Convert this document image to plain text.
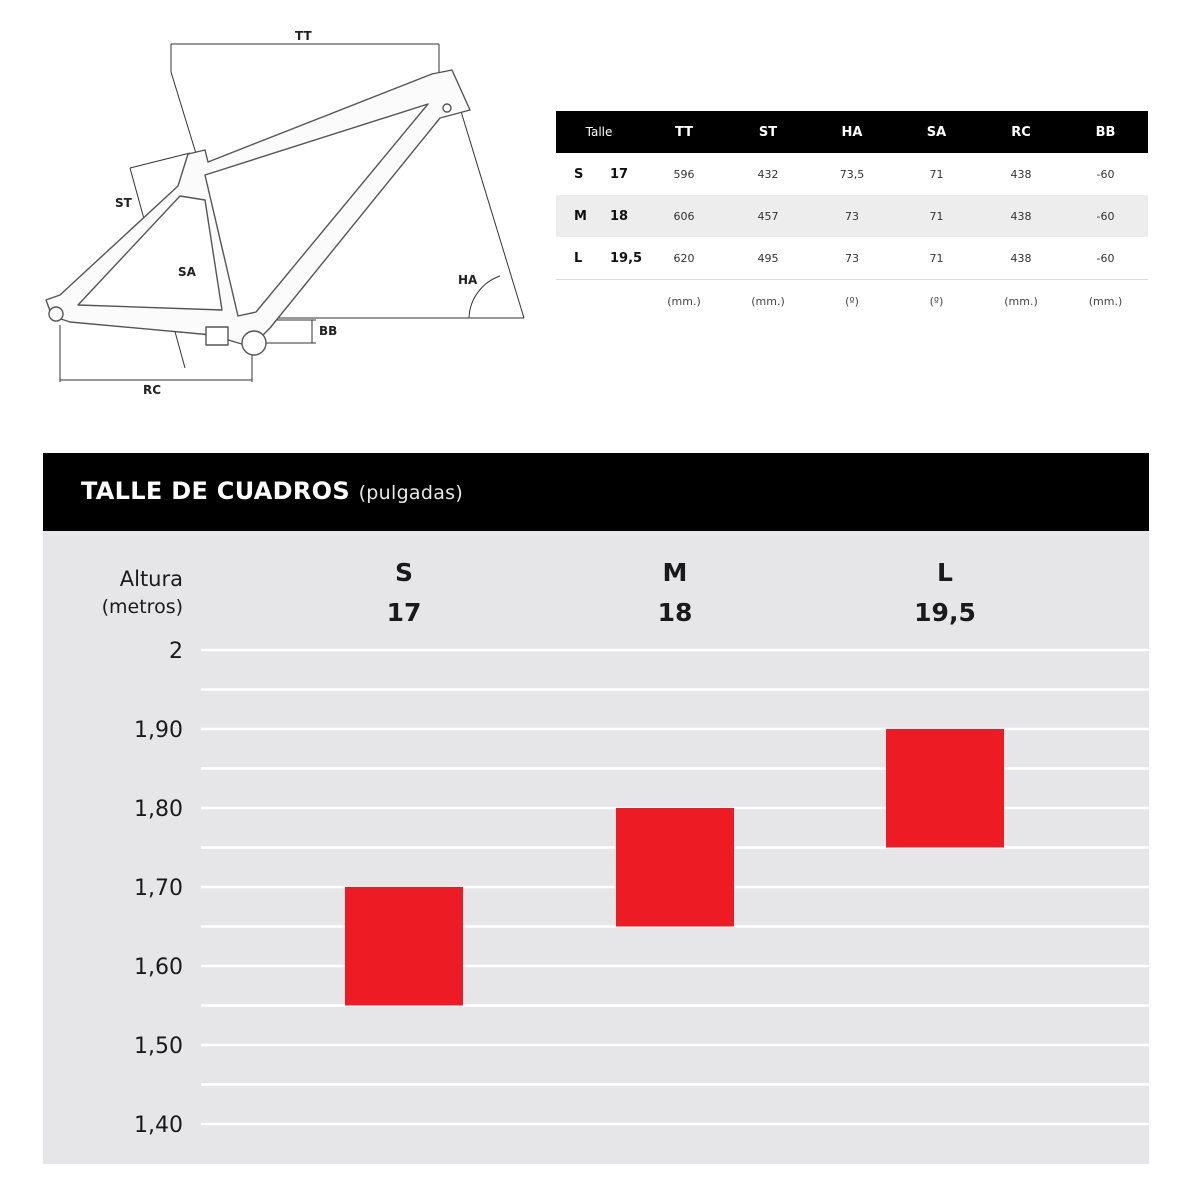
TT
ST
SA
HA
BB
RC
Talle		TT	ST	HA	SA	RC	BB
S	17	596	432	73,5	71	438	-60
M	18	606	457	73	71	438	-60
L	19,5	620	495	73	71	438	-60
		(mm.)	(mm.)	(º)	(º)	(mm.)	(mm.)
TALLE DE CUADROS (pulgadas)
Altura
(metros)
2
1,90
1,80
1,70
1,60
1,50
1,40
S
17
M
18
L
19,5
